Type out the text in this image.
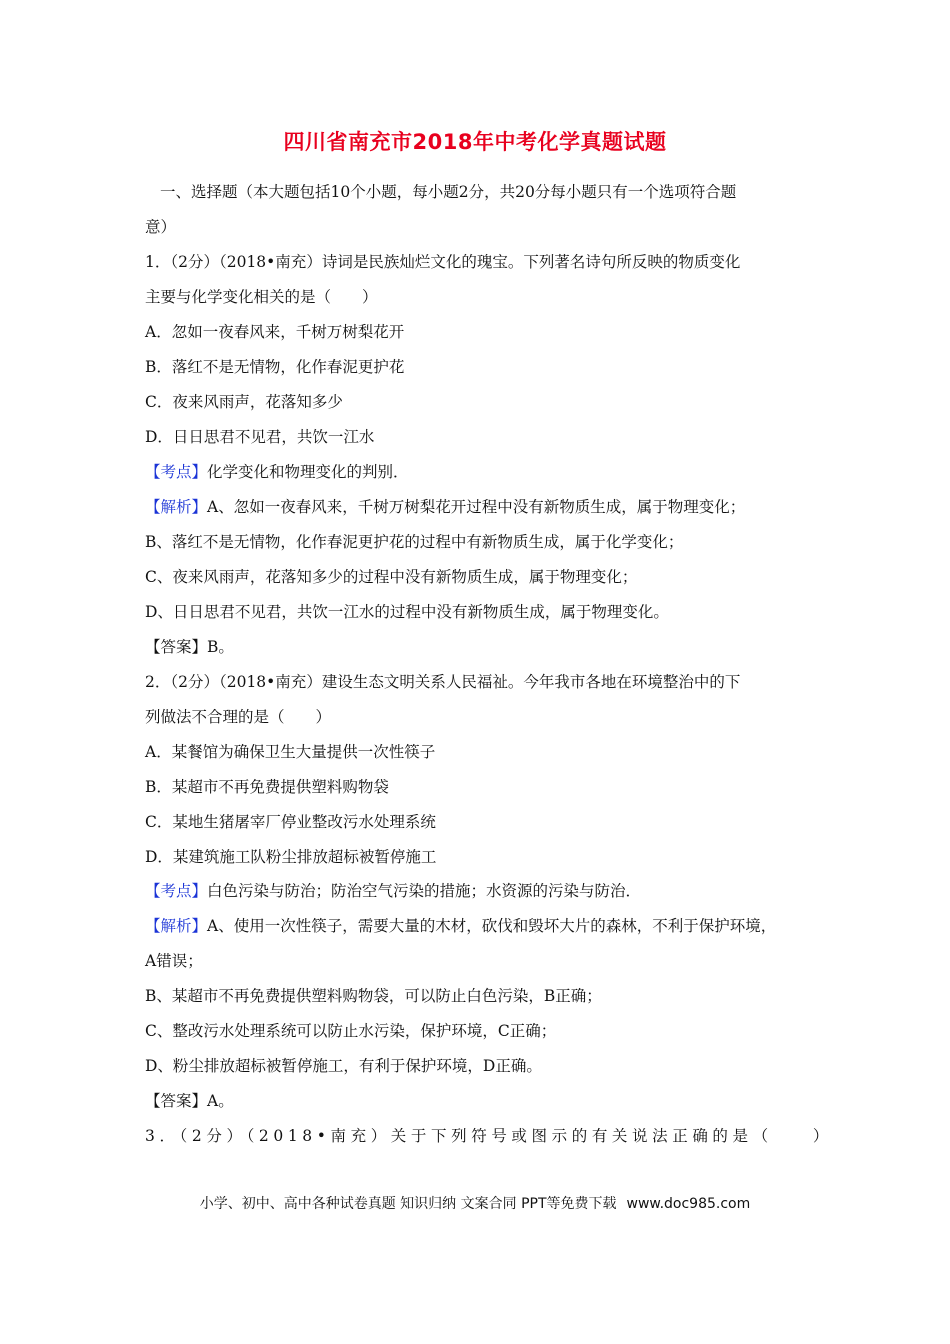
四川省南充市2018年中考化学真题试题
一、选择题（本大题包括10个小题，每小题2分，共20分每小题只有一个选项符合题
意）
1．（2分）（2018•南充）诗词是民族灿烂文化的瑰宝。下列著名诗句所反映的物质变化
主要与化学变化相关的是（　　）
A．忽如一夜春风来，千树万树梨花开
B．落红不是无情物，化作春泥更护花
C．夜来风雨声，花落知多少
D．日日思君不见君，共饮一江水
【考点】化学变化和物理变化的判别．
【解析】A、忽如一夜春风来，千树万树梨花开过程中没有新物质生成，属于物理变化；
B、落红不是无情物，化作春泥更护花的过程中有新物质生成，属于化学变化；
C、夜来风雨声，花落知多少的过程中没有新物质生成，属于物理变化；
D、日日思君不见君，共饮一江水的过程中没有新物质生成，属于物理变化。
【答案】B。
2．（2分）（2018•南充）建设生态文明关系人民福祉。今年我市各地在环境整治中的下
列做法不合理的是（　　）
A．某餐馆为确保卫生大量提供一次性筷子
B．某超市不再免费提供塑料购物袋
C．某地生猪屠宰厂停业整改污水处理系统
D．某建筑施工队粉尘排放超标被暂停施工
【考点】白色污染与防治；防治空气污染的措施；水资源的污染与防治．
【解析】A、使用一次性筷子，需要大量的木材，砍伐和毁坏大片的森林，不利于保护环境，
A错误；
B、某超市不再免费提供塑料购物袋，可以防止白色污染，B正确；
C、整改污水处理系统可以防止水污染，保护环境，C正确；
D、粉尘排放超标被暂停施工，有利于保护环境，D正确。
【答案】A。
3．（2分）（2018•南充）关于下列符号或图示的有关说法正确的是（　　）
小学、初中、高中各种试卷真题 知识归纳 文案合同 PPT等免费下载 www.doc985.com
